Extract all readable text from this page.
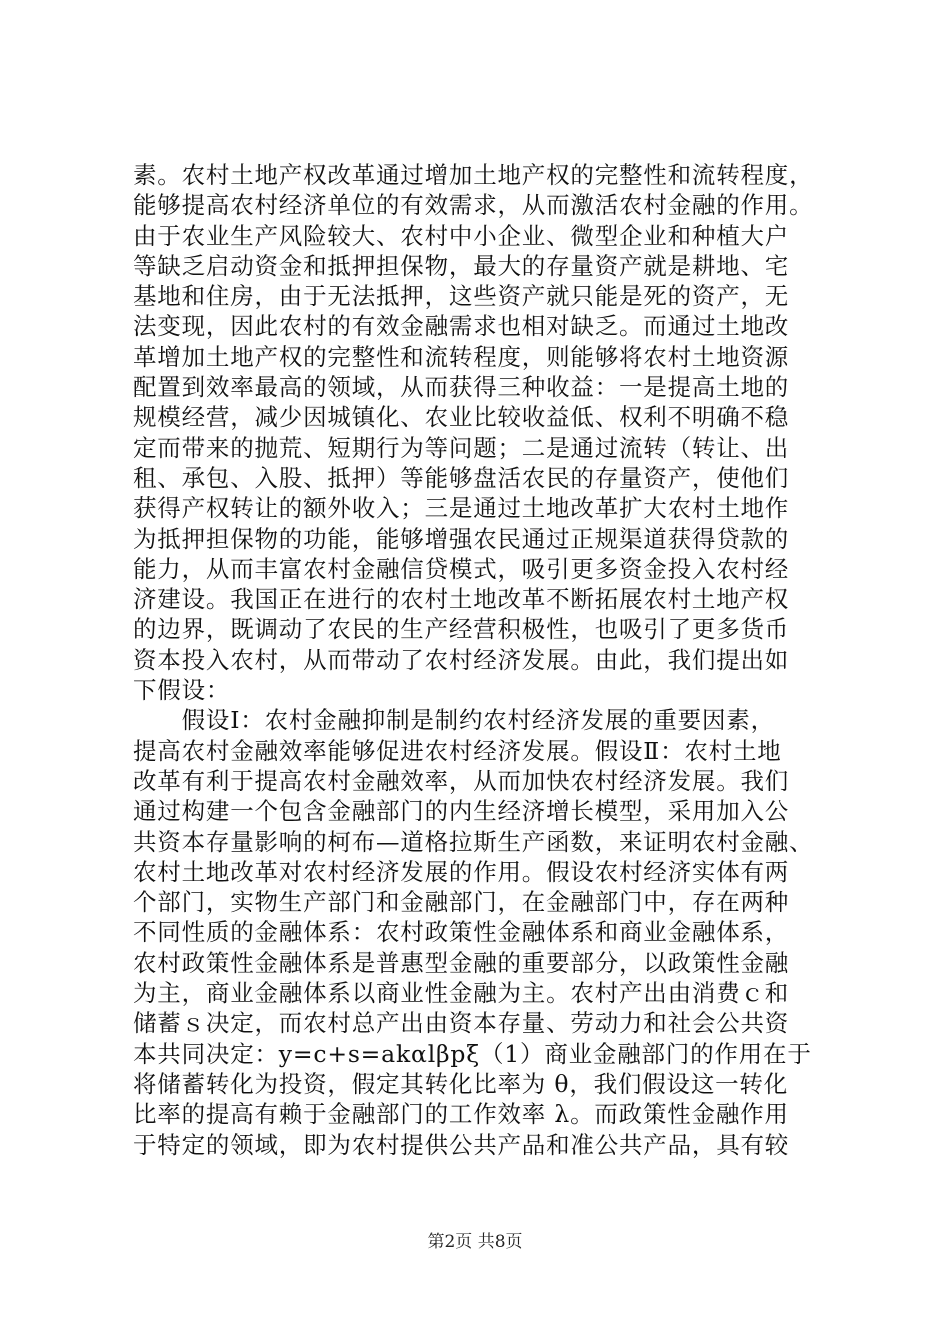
素。农村土地产权改革通过增加土地产权的完整性和流转程度，
能够提高农村经济单位的有效需求，从而激活农村金融的作用。
由于农业生产风险较大、农村中小企业、微型企业和种植大户
等缺乏启动资金和抵押担保物，最大的存量资产就是耕地、宅
基地和住房，由于无法抵押，这些资产就只能是死的资产，无
法变现，因此农村的有效金融需求也相对缺乏。而通过土地改
革增加土地产权的完整性和流转程度，则能够将农村土地资源
配置到效率最高的领域，从而获得三种收益：一是提高土地的
规模经营，减少因城镇化、农业比较收益低、权利不明确不稳
定而带来的抛荒、短期行为等问题；二是通过流转（转让、出
租、承包、入股、抵押）等能够盘活农民的存量资产，使他们
获得产权转让的额外收入；三是通过土地改革扩大农村土地作
为抵押担保物的功能，能够增强农民通过正规渠道获得贷款的
能力，从而丰富农村金融信贷模式，吸引更多资金投入农村经
济建设。我国正在进行的农村土地改革不断拓展农村土地产权
的边界，既调动了农民的生产经营积极性，也吸引了更多货币
资本投入农村，从而带动了农村经济发展。由此，我们提出如
下假设：
　　假设Ⅰ：农村金融抑制是制约农村经济发展的重要因素，
提高农村金融效率能够促进农村经济发展。假设Ⅱ：农村土地
改革有利于提高农村金融效率，从而加快农村经济发展。我们
通过构建一个包含金融部门的内生经济增长模型，采用加入公
共资本存量影响的柯布—道格拉斯生产函数，来证明农村金融、
农村土地改革对农村经济发展的作用。假设农村经济实体有两
个部门，实物生产部门和金融部门，在金融部门中，存在两种
不同性质的金融体系：农村政策性金融体系和商业金融体系，
农村政策性金融体系是普惠型金融的重要部分，以政策性金融
为主，商业金融体系以商业性金融为主。农村产出由消费ｃ和
储蓄ｓ决定，而农村总产出由资本存量、劳动力和社会公共资
本共同决定：y=c+s=akαlβpξ（1）商业金融部门的作用在于
将储蓄转化为投资，假定其转化比率为 θ，我们假设这一转化
比率的提高有赖于金融部门的工作效率 λ。而政策性金融作用
于特定的领域，即为农村提供公共产品和准公共产品，具有较
第2页 共8页
